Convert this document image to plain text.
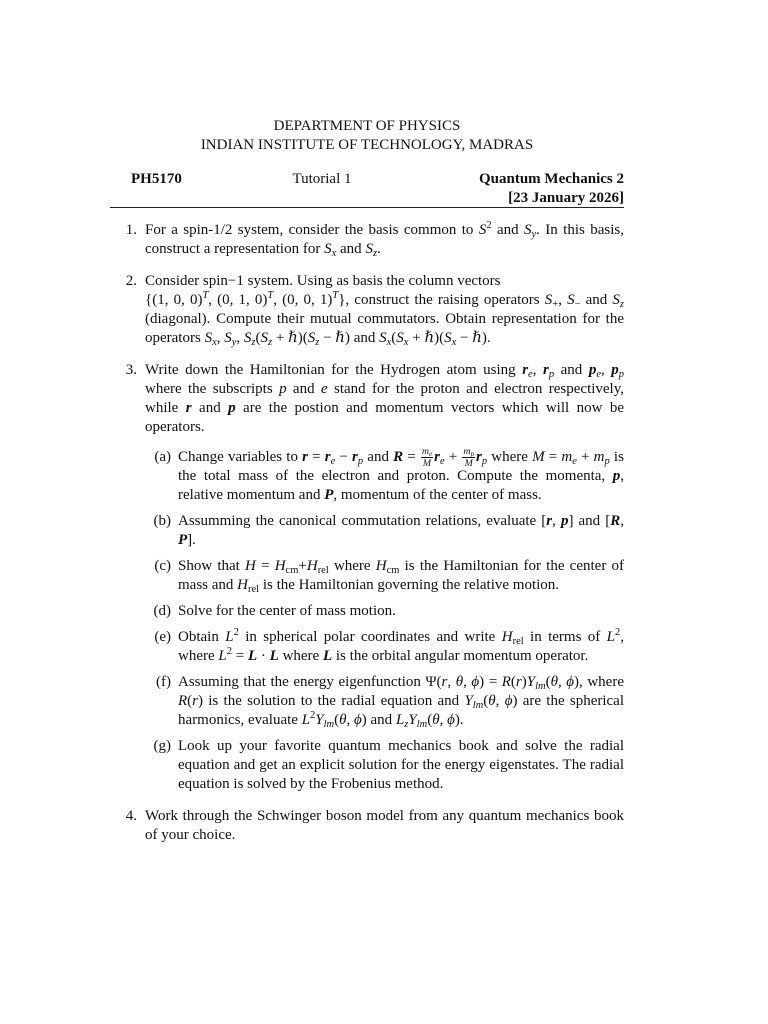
DEPARTMENT OF PHYSICS
INDIAN INSTITUTE OF TECHNOLOGY, MADRAS
PH5170	Tutorial 1	Quantum Mechanics 2
[23 January 2026]
1. For a spin-1/2 system, consider the basis common to $S^2$ and $S_y$. In this basis, construct a representation for $S_x$ and $S_z$.
2. Consider spin−1 system. Using as basis the column vectors
{(1, 0, 0)$^T$, (0, 1, 0)$^T$, (0, 0, 1)$^T$}, construct the raising operators $S_+$, $S_-$ and $S_z$ (diagonal). Compute their mutual commutators. Obtain representation for the operators $S_x$, $S_y$, $S_z(S_z$ + $\hbar)(S_z$ − ℏ) and $S_x(S_x$ + $\hbar)(S_x$ − ℏ).
3. Write down the Hamiltonian for the Hydrogen atom using $r_e$, $r_p$ and $p_e$, $p_p$ where the subscripts p and e stand for the proton and electron respectively, while r and p are the postion and momentum vectors which will now be operators.
(a) Change variables to $r = r_e - r_p$ and $R = \frac{m_e}{M} r_e + \frac{m_p}{M} r_p$ where $M = m_e + m_p$ is the total mass of the electron and proton. Compute the momenta, p, relative momentum and P, momentum of the center of mass.
(b) Assumming the canonical commutation relations, evaluate [r, p] and [R, P].
(c) Show that $H = H_{cm}+H_{rel}$ where $H_{cm}$ is the Hamiltonian for the center of mass and $H_{rel}$ is the Hamiltonian governing the relative motion.
(d) Solve for the center of mass motion.
(e) Obtain $L^2$ in spherical polar coordinates and write $H_{rel}$ in terms of $L^2$, where $L^2 = L \cdot L$ where L is the orbital angular momentum operator.
(f) Assuming that the energy eigenfunction Ψ(r, θ, $\phi) = R(r)Y_{lm}(\theta$, ϕ), where R(r) is the solution to the radial equation and $Y_{lm}(\theta$, ϕ) are the spherical harmonics, evaluate $L^2Y_{lm}(\theta$, ϕ) and $L_zY_{lm}(\theta$, ϕ).
(g) Look up your favorite quantum mechanics book and solve the radial equation and get an explicit solution for the energy eigenstates. The radial equation is solved by the Frobenius method.
4. Work through the Schwinger boson model from any quantum mechanics book of your choice.
